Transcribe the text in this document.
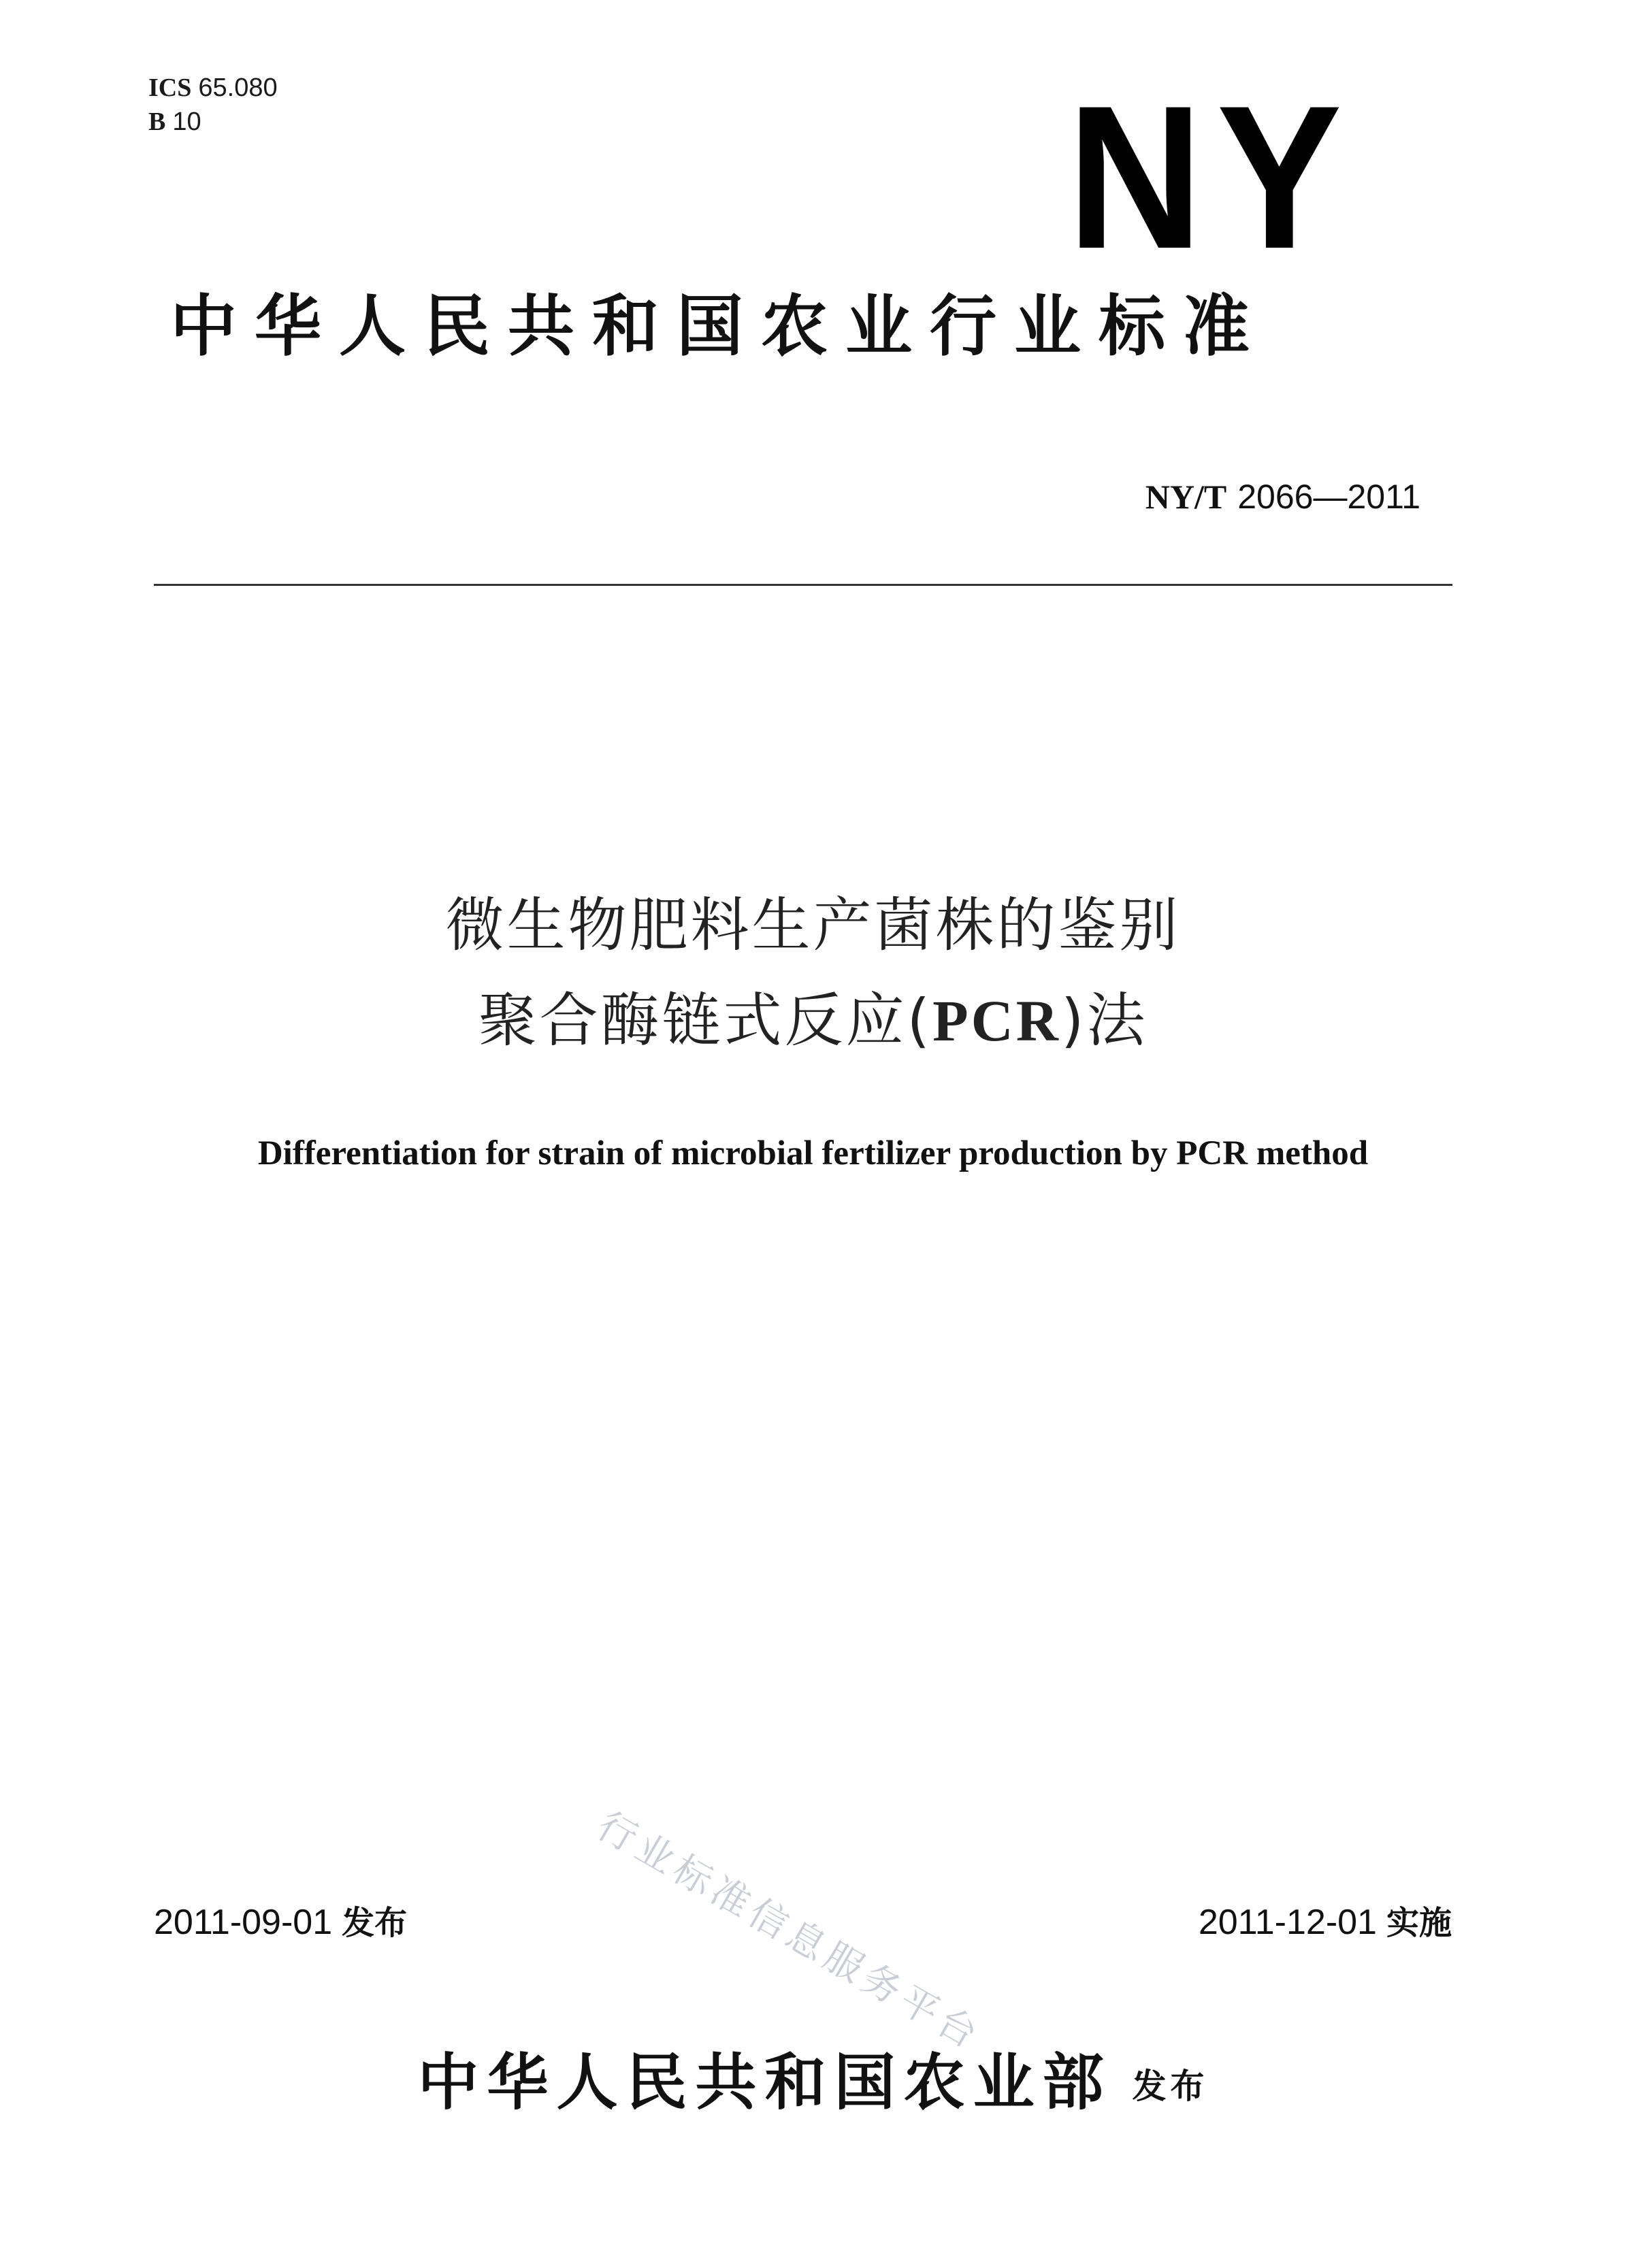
ICS 65.080
B 10	NY
中华人民共和国农业行业标准
NY/T 2066—2011
微生物肥料生产菌株的鉴别
聚合酶链式反应(PCR)法
Differentiation for strain of microbial fertilizer production by PCR method
行业标准信息服务平台
2011-09-01 发布	2011-12-01 实施
中华人民共和国农业部 发布
